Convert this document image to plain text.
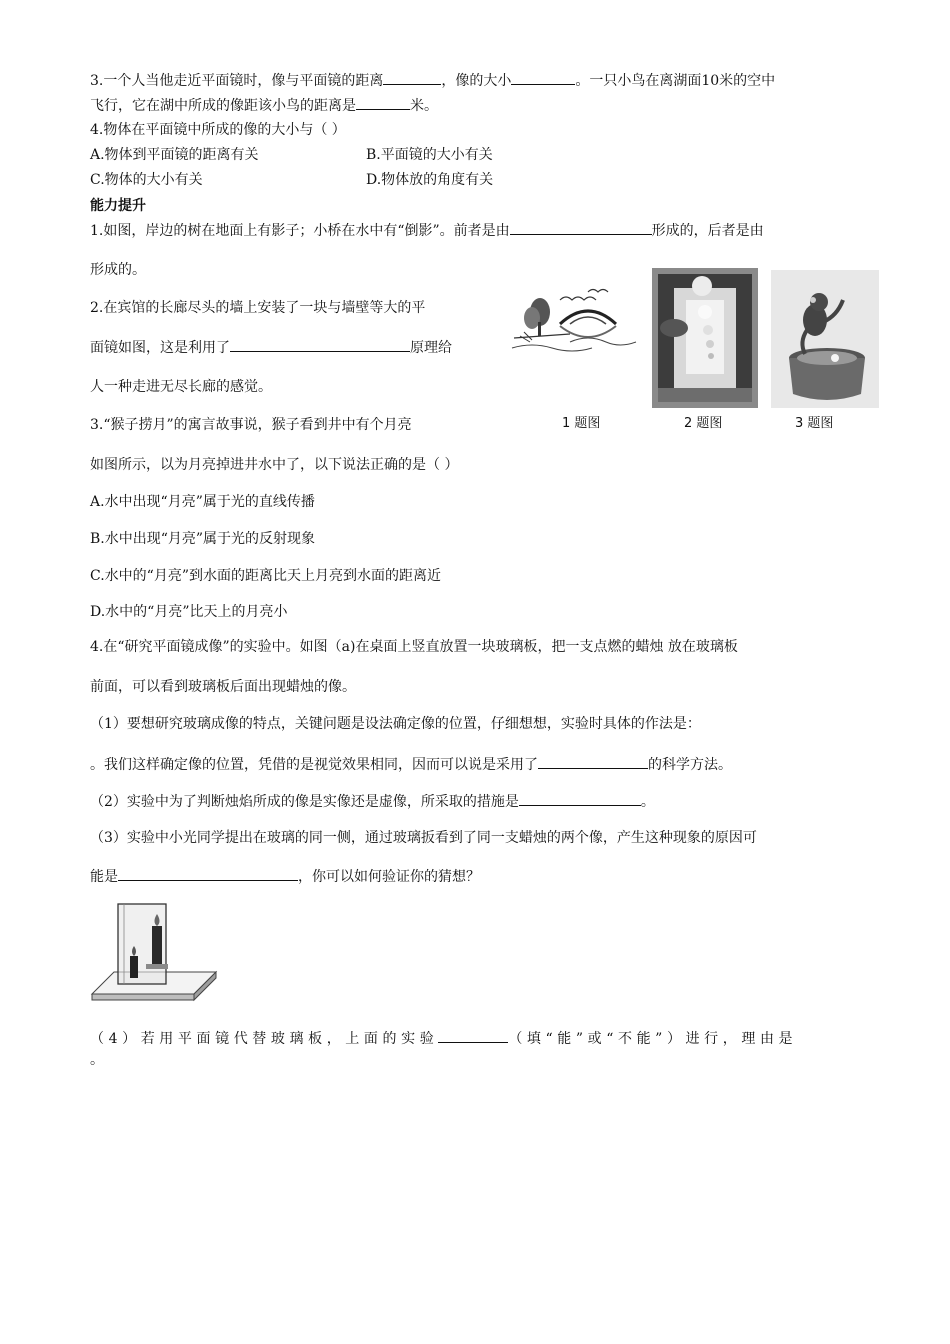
3.一个人当他走近平面镜时，像与平面镜的距离	，像的大小	。一只小鸟在离湖面10米的空中
飞行，它在湖中所成的像距该小鸟的距离是	米。
4.物体在平面镜中所成的像的大小与（ ）
A.物体到平面镜的距离有关	B.平面镜的大小有关
C.物体的大小有关	D.物体放的角度有关
能力提升
1.如图，岸边的树在地面上有影子；小桥在水中有“倒影”。前者是由	形成的，后者是由
形成的。
2.在宾馆的长廊尽头的墙上安装了一块与墙壁等大的平
面镜如图，这是利用了	原理给
人一种走进无尽长廊的感觉。
3.“猴子捞月”的寓言故事说，猴子看到井中有个月亮
如图所示，以为月亮掉进井水中了，以下说法正确的是（ ）
A.水中出现“月亮”属于光的直线传播
B.水中出现“月亮”属于光的反射现象
C.水中的“月亮”到水面的距离比天上月亮到水面的距离近
D.水中的“月亮”比天上的月亮小
4.在“研究平面镜成像”的实验中。如图（a)在桌面上竖直放置一块玻璃板，把一支点燃的蜡烛 放在玻璃板
前面，可以看到玻璃板后面出现蜡烛的像。
（1）要想研究玻璃成像的特点，关键问题是设法确定像的位置，仔细想想，实验时具体的作法是：
。我们这样确定像的位置，凭借的是视觉效果相同，因而可以说是采用了	的科学方法。
（2）实验中为了判断烛焰所成的像是实像还是虚像，所采取的措施是	。
（3）实验中小光同学提出在玻璃的同一侧，通过玻璃扳看到了同一支蜡烛的两个像，产生这种现象的原因可
能是	，你可以如何验证你的猜想？
（4）若用平面镜代替玻璃板，上面的实验	（填“能”或“不能”）进行，理由是
。
1 题图	2 题图	3 题图
